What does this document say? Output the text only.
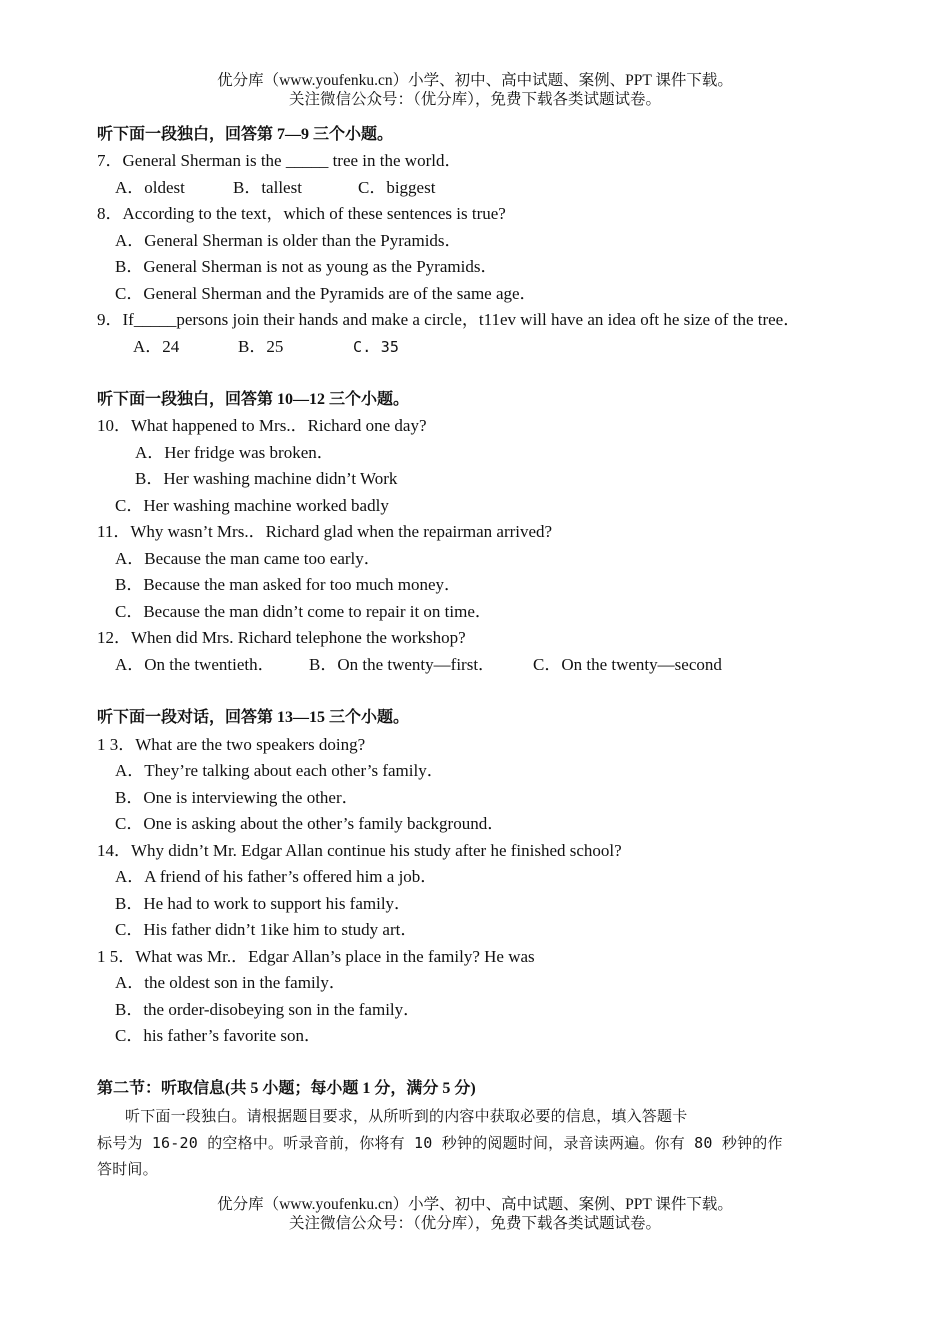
优分库（www.youfenku.cn）小学、初中、高中试题、案例、PPT 课件下载。
关注微信公众号：（优分库），免费下载各类试题试卷。
听下面一段独白，回答第 7—9 三个小题。
7．General Sherman is the _____ tree in the world．
A．oldest	B．tallest	C．biggest
8．According to the text，which of these sentences is true?
A．General Sherman is older than the Pyramids．
B．General Sherman is not as young as the Pyramids．
C．General Sherman and the Pyramids are of the same age．
9．If_____persons join their hands and make a circle，t11ev will have an idea oft he size of the tree．
A．24	B．25	C. 35
听下面一段独白，回答第 10—12 三个小题。
10．What happened to Mrs.．Richard one day?
A．Her fridge was broken．
B．Her washing machine didn’t Work
C．Her washing machine worked badly
11．Why wasn’t Mrs.．Richard glad when the repairman arrived?
A．Because the man came too early．
B．Because the man asked for too much money．
C．Because the man didn’t come to repair it on time．
12．When did Mrs. Richard telephone the workshop?
A．On the twentieth． B．On the twenty—first． C．On the twenty—second
听下面一段对话，回答第 13—15 三个小题。
1 3．What are the two speakers doing?
A．They’re talking about each other’s family．
B．One is interviewing the other．
C．One is asking about the other’s family background．
14．Why didn’t Mr. Edgar Allan continue his study after he finished school?
A．A friend of his father’s offered him a job．
B．He had to work to support his family．
C．His father didn’t 1ike him to study art．
1 5．What was Mr.．Edgar Allan’s place in the family? He was
A．the oldest son in the family．
B．the order-disobeying son in the family．
C．his father’s favorite son．
第二节：听取信息(共 5 小题；每小题 1 分，满分 5 分)
听下面一段独白。请根据题目要求，从所听到的内容中获取必要的信息，填入答题卡
标号为 16-20 的空格中。听录音前，你将有 10 秒钟的阅题时间，录音读两遍。你有 80 秒钟的作
答时间。
优分库（www.youfenku.cn）小学、初中、高中试题、案例、PPT 课件下载。
关注微信公众号：（优分库），免费下载各类试题试卷。
